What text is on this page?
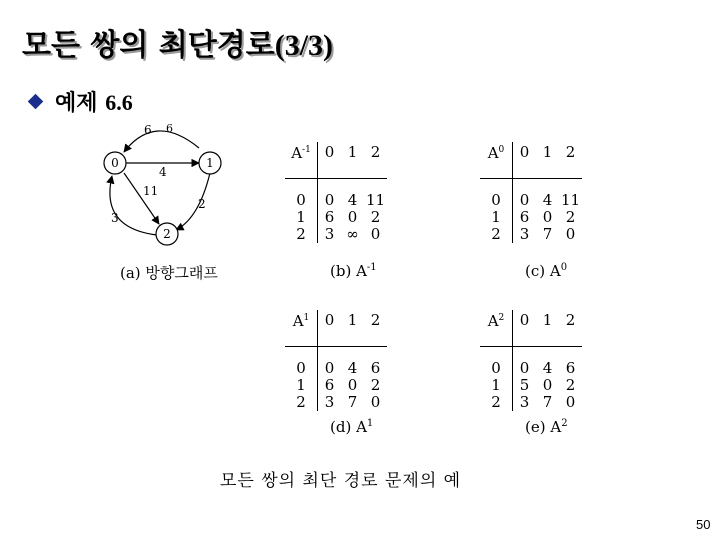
모든 쌍의 최단경로(3/3)
예제 6.6
6
4
11
2
3
0	1
2
6
(a) 방향그래프
$A^{-1}$	0	1	2
0	0	4	11
1	6	0	2
2	3	∞	0
(b) $A^{-1}$
$A^0$	0	1	2
0	0	4	11
1	6	0	2
2	3	7	0
(c) $A^0$
$A^1$	0	1	2
0	0	4	6
1	6	0	2
2	3	7	0
(d) $A^1$
$A^2$	0	1	2
0	0	4	6
1	5	0	2
2	3	7	0
(e) $A^2$
모든 쌍의 최단 경로 문제의 예
50
